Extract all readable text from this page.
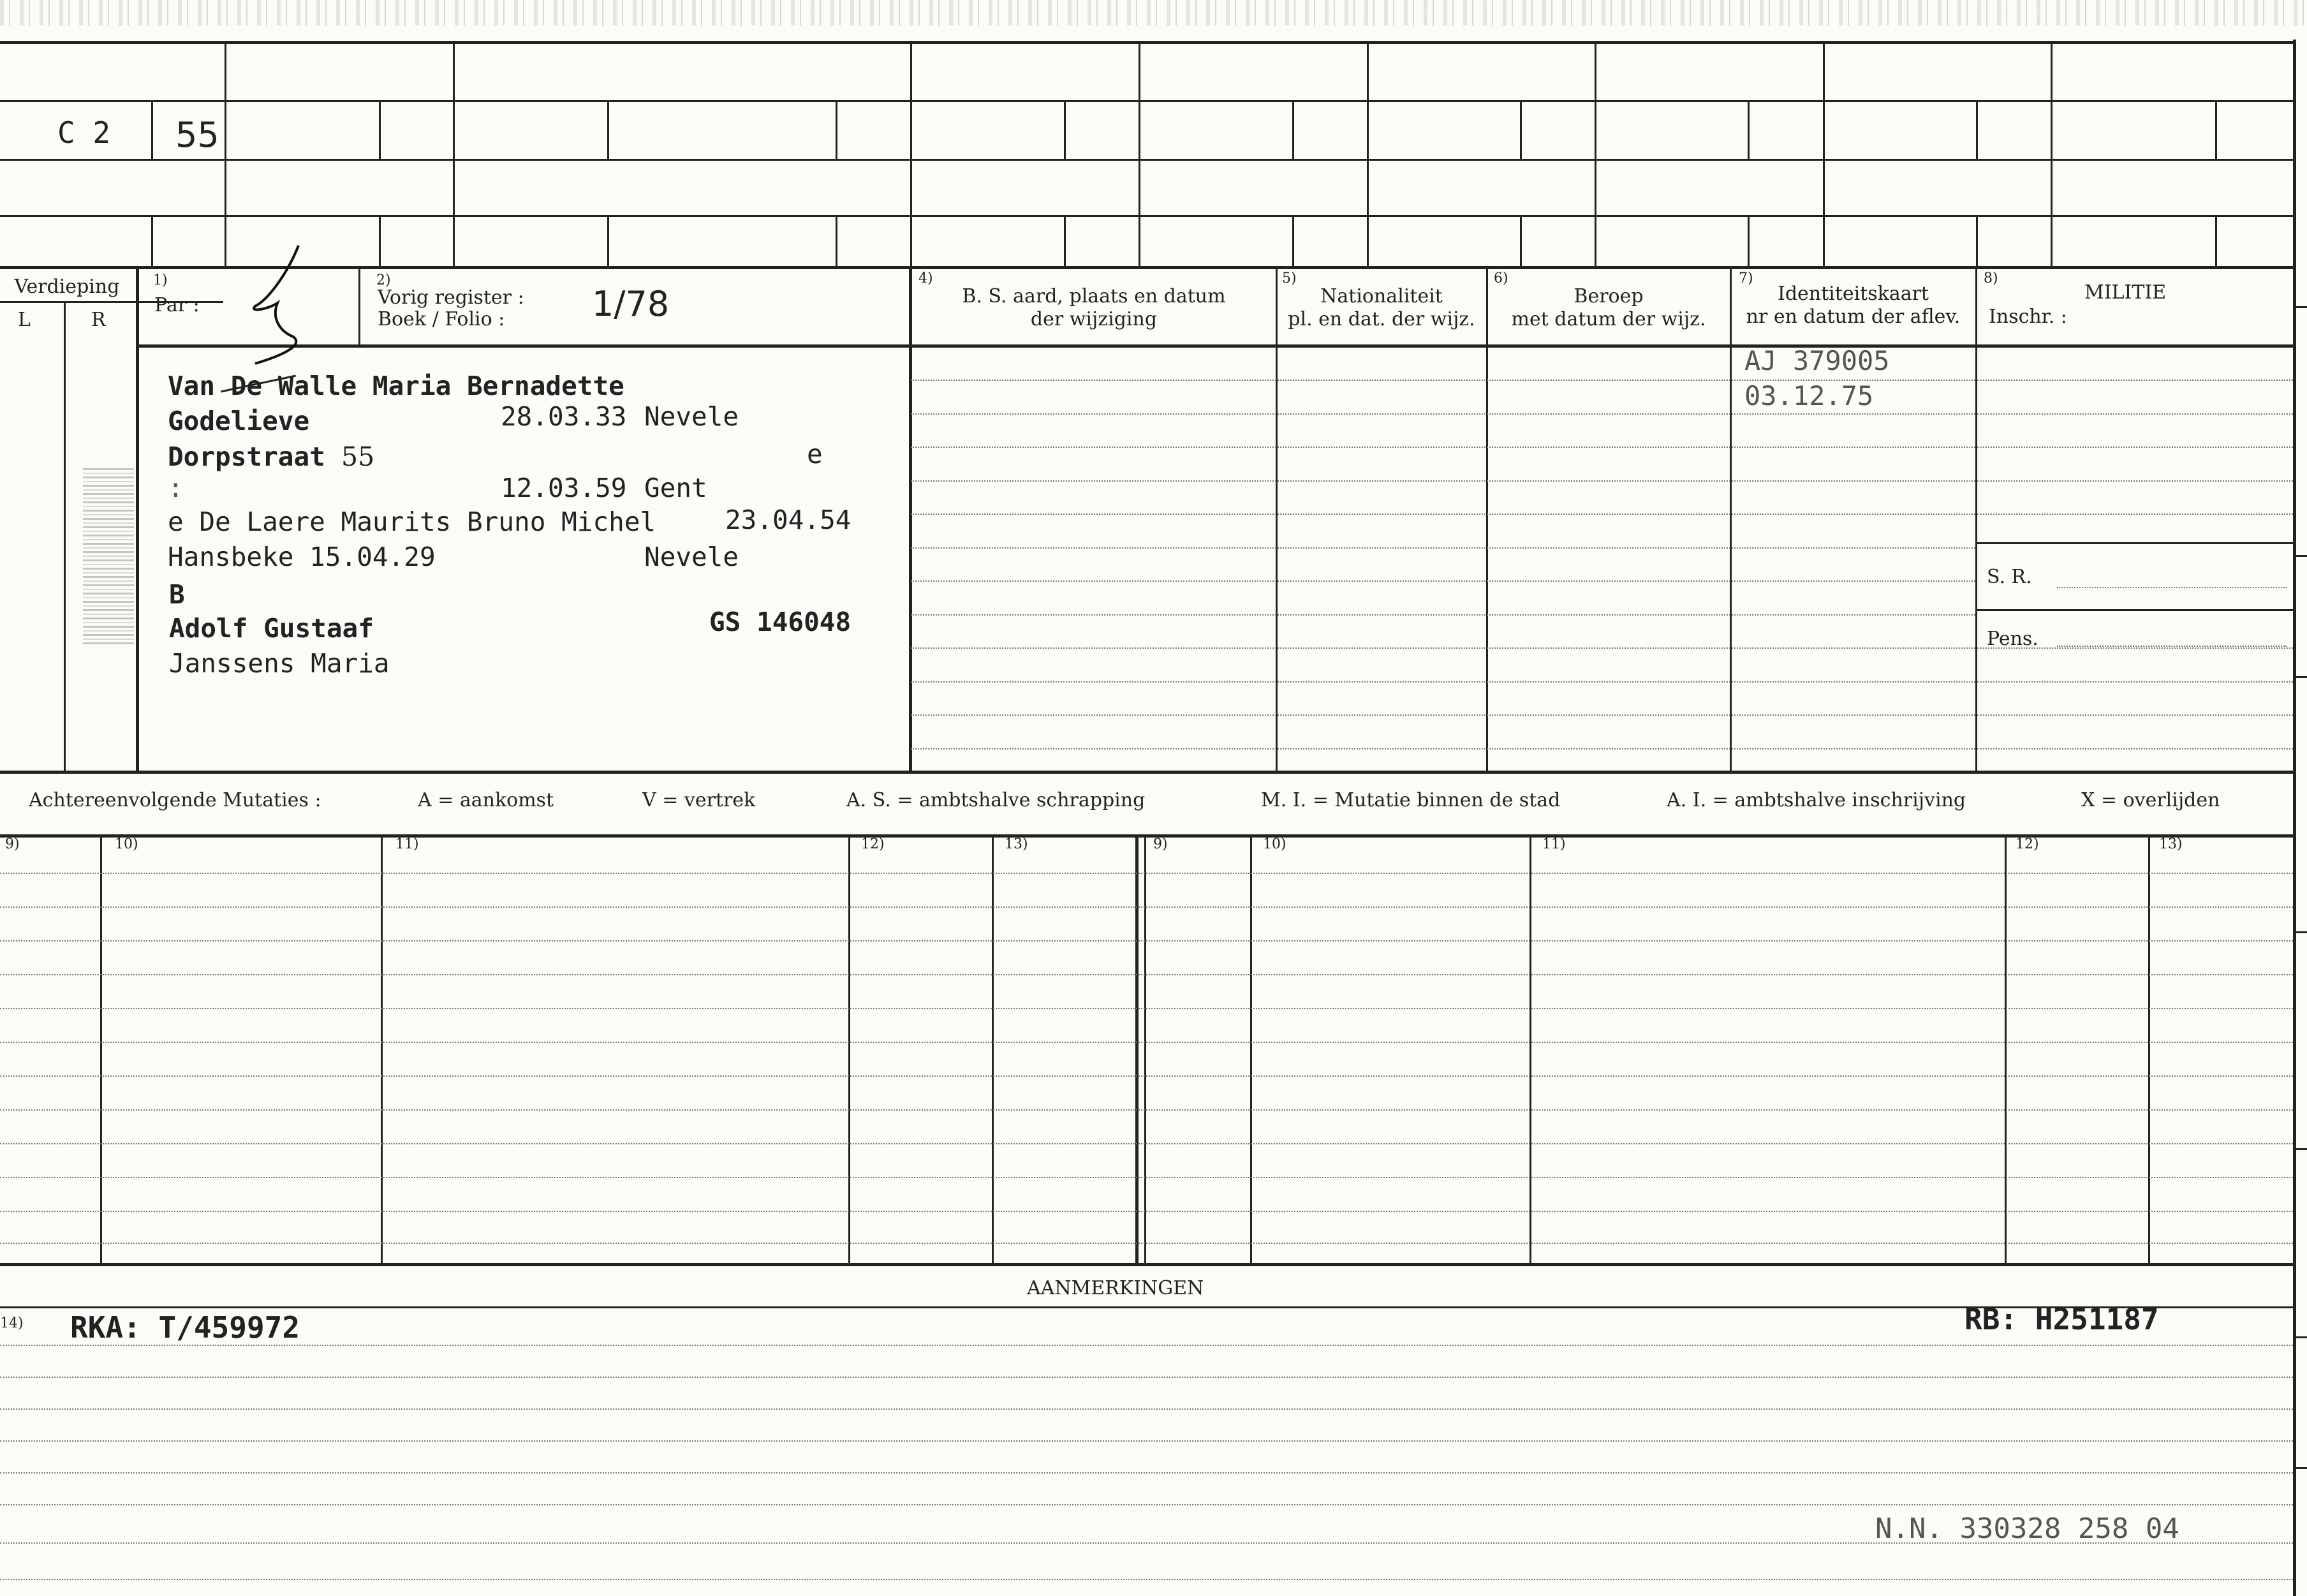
C 2 55
Verdieping
L	R
1)
Par :
2)
Vorig register :
Boek / Folio :	1/78
4)
B. S. aard, plaats en datum
der wijziging
5)
Nationaliteit
pl. en dat. der wijz.
6)
Beroep
met datum der wijz.
7)
Identiteitskaart
nr en datum der aflev.
8)
MILITIE
Inschr. :
Van De Walle Maria Bernadette
Godelieve	28.03.33 Nevele
Dorpstraat 55	e
:	12.03.59 Gent
e De Laere Maurits Bruno Michel	23.04.54
Hansbeke 15.04.29	Nevele
B
Adolf Gustaaf	GS 146048
Janssens Maria
AJ 379005
03.12.75
S. R.
Pens.
Achtereenvolgende Mutaties :	A = aankomst	V = vertrek	A. S. = ambtshalve schrapping	M. I. = Mutatie binnen de stad	A. I. = ambtshalve inschrijving	X = overlijden
9)	10)	11)	12)	13)	9)	10)	11)	12)	13)
AANMERKINGEN
14) RKA: T/459972	RB: H251187
N.N. 330328 258 04
